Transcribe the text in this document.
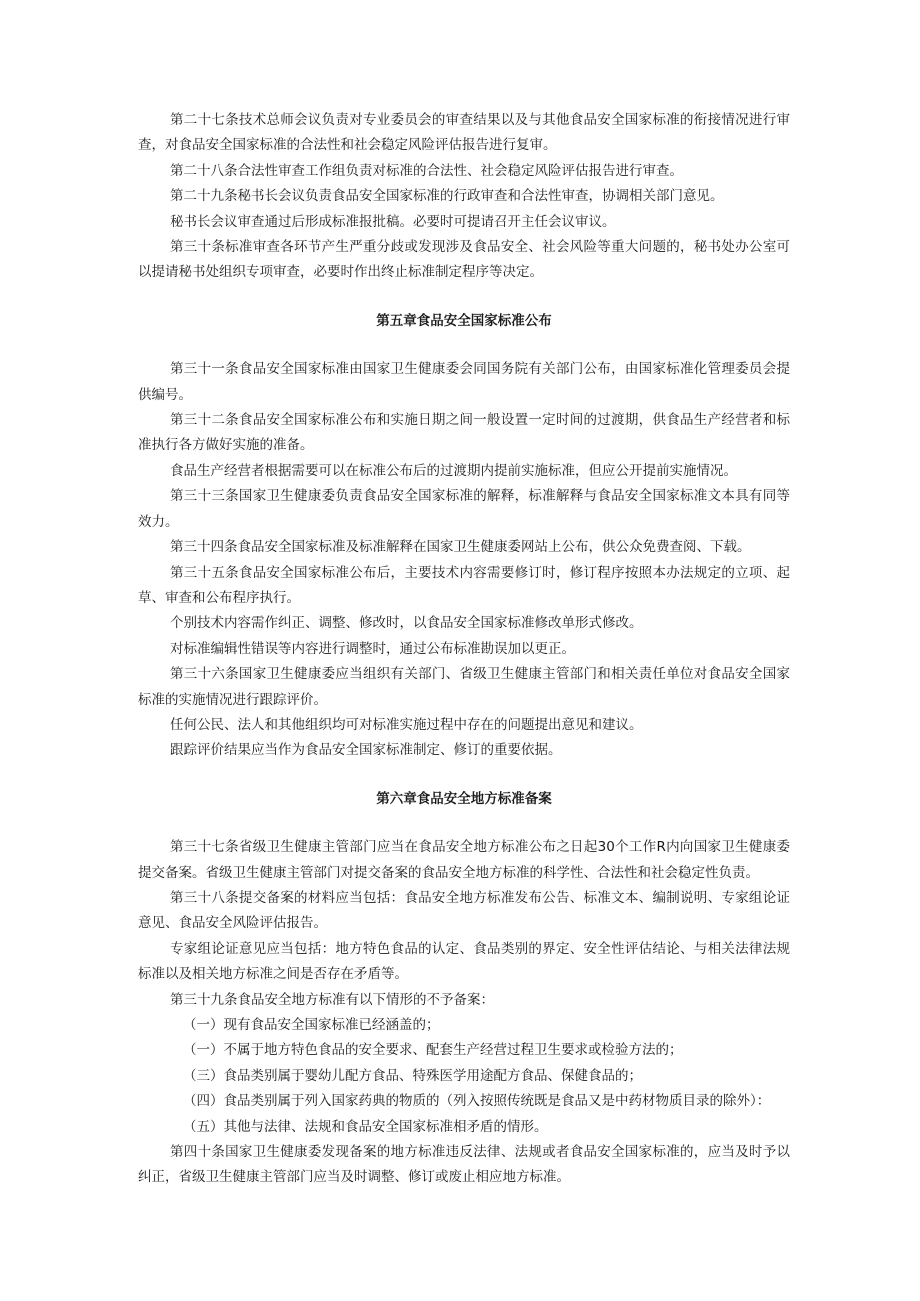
第二十七条技术总师会议负责对专业委员会的审查结果以及与其他食品安全国家标准的衔接情况进行审查，对食品安全国家标准的合法性和社会稳定风险评估报告进行复审。

第二十八条合法性审查工作组负责对标准的合法性、社会稳定风险评估报告进行审查。

第二十九条秘书长会议负责食品安全国家标准的行政审查和合法性审查，协调相关部门意见。

秘书长会议审查通过后形成标准报批稿。必要时可提请召开主任会议审议。

第三十条标准审查各环节产生严重分歧或发现涉及食品安全、社会风险等重大问题的，秘书处办公室可以提请秘书处组织专项审查，必要时作出终止标准制定程序等决定。

第五章食品安全国家标准公布

第三十一条食品安全国家标准由国家卫生健康委会同国务院有关部门公布，由国家标准化管理委员会提供编号。

第三十二条食品安全国家标准公布和实施日期之间一般设置一定时间的过渡期，供食品生产经营者和标准执行各方做好实施的准备。

食品生产经营者根据需要可以在标准公布后的过渡期内提前实施标准，但应公开提前实施情况。

第三十三条国家卫生健康委负责食品安全国家标准的解释，标准解释与食品安全国家标准文本具有同等效力。

第三十四条食品安全国家标准及标准解释在国家卫生健康委网站上公布，供公众免费查阅、下载。

第三十五条食品安全国家标准公布后，主要技术内容需要修订时，修订程序按照本办法规定的立项、起草、审查和公布程序执行。

个别技术内容需作纠正、调整、修改时，以食品安全国家标准修改单形式修改。

对标准编辑性错误等内容进行调整时，通过公布标准勘误加以更正。

第三十六条国家卫生健康委应当组织有关部门、省级卫生健康主管部门和相关责任单位对食品安全国家标准的实施情况进行跟踪评价。

任何公民、法人和其他组织均可对标准实施过程中存在的问题提出意见和建议。

跟踪评价结果应当作为食品安全国家标准制定、修订的重要依据。

第六章食品安全地方标准备案

第三十七条省级卫生健康主管部门应当在食品安全地方标准公布之日起30个工作R内向国家卫生健康委提交备案。省级卫生健康主管部门对提交备案的食品安全地方标准的科学性、合法性和社会稳定性负责。

第三十八条提交备案的材料应当包括：食品安全地方标准发布公告、标准文本、编制说明、专家组论证意见、食品安全风险评估报告。

专家组论证意见应当包括：地方特色食品的认定、食品类别的界定、安全性评估结论、与相关法律法规标准以及相关地方标准之间是否存在矛盾等。

第三十九条食品安全地方标准有以下情形的不予备案：

（一）现有食品安全国家标准已经涵盖的；

（一）不属于地方特色食品的安全要求、配套生产经营过程卫生要求或检验方法的；

（三）食品类别属于婴幼儿配方食品、特殊医学用途配方食品、保健食品的；

（四）食品类别属于列入国家药典的物质的（列入按照传统既是食品又是中药材物质目录的除外）：

（五）其他与法律、法规和食品安全国家标准相矛盾的情形。

第四十条国家卫生健康委发现备案的地方标准违反法律、法规或者食品安全国家标准的，应当及时予以纠正，省级卫生健康主管部门应当及时调整、修订或废止相应地方标准。
